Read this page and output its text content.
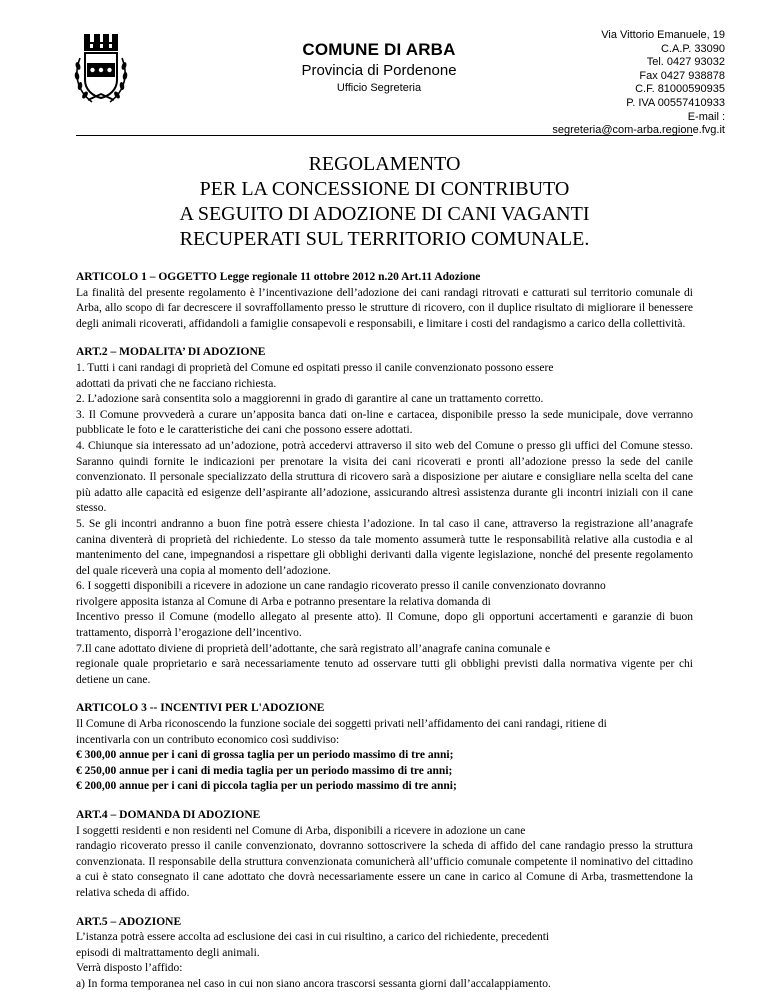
COMUNE DI ARBA
Provincia di Pordenone
Ufficio Segreteria
Via Vittorio Emanuele, 19
C.A.P. 33090
Tel. 0427 93032
Fax 0427 938878
C.F. 81000590935
P. IVA 00557410933
E-mail :
segreteria@com-arba.regione.fvg.it
REGOLAMENTO
PER LA CONCESSIONE DI CONTRIBUTO
A SEGUITO DI ADOZIONE DI CANI VAGANTI
RECUPERATI SUL TERRITORIO COMUNALE.
ARTICOLO 1 – OGGETTO Legge regionale 11 ottobre 2012 n.20 Art.11 Adozione
La finalità del presente regolamento è l’incentivazione dell’adozione dei cani randagi ritrovati e catturati sul territorio comunale di Arba, allo scopo di far decrescere il sovraffollamento presso le strutture di ricovero, con il duplice risultato di migliorare il benessere degli animali ricoverati, affidandoli a famiglie consapevoli e responsabili, e limitare i costi del randagismo a carico della collettività.
ART.2 – MODALITA’ DI ADOZIONE
1. Tutti i cani randagi di proprietà del Comune ed ospitati presso il canile convenzionato possono essere
adottati da privati che ne facciano richiesta.
2. L’adozione sarà consentita solo a maggiorenni in grado di garantire al cane un trattamento corretto.
3. Il Comune provvederà a curare un’apposita banca dati on-line e cartacea, disponibile presso la sede municipale, dove verranno pubblicate le foto e le caratteristiche dei cani che possono essere adottati.
4. Chiunque sia interessato ad un’adozione, potrà accedervi attraverso il sito web del Comune o presso gli uffici del Comune stesso. Saranno quindi fornite le indicazioni per prenotare la visita dei cani ricoverati e pronti all’adozione presso la sede del canile convenzionato. Il personale specializzato della struttura di ricovero sarà a disposizione per aiutare e consigliare nella scelta del cane più adatto alle capacità ed esigenze dell’aspirante all’adozione, assicurando altresì assistenza durante gli incontri iniziali con il cane stesso.
5. Se gli incontri andranno a buon fine potrà essere chiesta l’adozione. In tal caso il cane, attraverso la registrazione all’anagrafe canina diventerà di proprietà del richiedente. Lo stesso da tale momento assumerà tutte le responsabilità relative alla custodia e al mantenimento del cane, impegnandosi a rispettare gli obblighi derivanti dalla vigente legislazione, nonché del presente regolamento del quale riceverà una copia al momento dell’adozione.
6. I soggetti disponibili a ricevere in adozione un cane randagio ricoverato presso il canile convenzionato dovranno
rivolgere apposita istanza al Comune di Arba e potranno presentare la relativa domanda di
Incentivo presso il Comune (modello allegato al presente atto). Il Comune, dopo gli opportuni accertamenti e garanzie di buon trattamento, disporrà l’erogazione dell’incentivo.
7.Il cane adottato diviene di proprietà dell’adottante, che sarà registrato all’anagrafe canina comunale e
regionale quale proprietario e sarà necessariamente tenuto ad osservare tutti gli obblighi previsti dalla normativa vigente per chi detiene un cane.
ARTICOLO 3 -- INCENTIVI PER L'ADOZIONE
Il Comune di Arba riconoscendo la funzione sociale dei soggetti privati nell’affidamento dei cani randagi, ritiene di
incentivarla con un contributo economico così suddiviso:
€ 300,00 annue per i cani di grossa taglia per un periodo massimo di tre anni;
€ 250,00 annue per i cani di media taglia per un periodo massimo di tre anni;
€ 200,00 annue per i cani di piccola taglia per un periodo massimo di tre anni;
ART.4 – DOMANDA DI ADOZIONE
I soggetti residenti e non residenti nel Comune di Arba, disponibili a ricevere in adozione un cane
randagio ricoverato presso il canile convenzionato, dovranno sottoscrivere la scheda di affido del cane randagio presso la struttura convenzionata. Il responsabile della struttura convenzionata comunicherà all’ufficio comunale competente il nominativo del cittadino a cui è stato consegnato il cane adottato che dovrà necessariamente essere un cane in carico al Comune di Arba, trasmettendone la relativa scheda di affido.
ART.5 – ADOZIONE
L’istanza potrà essere accolta ad esclusione dei casi in cui risultino, a carico del richiedente, precedenti
episodi di maltrattamento degli animali.
Verrà disposto l’affido:
a) In forma temporanea nel caso in cui non siano ancora trascorsi sessanta giorni dall’accalappiamento.
